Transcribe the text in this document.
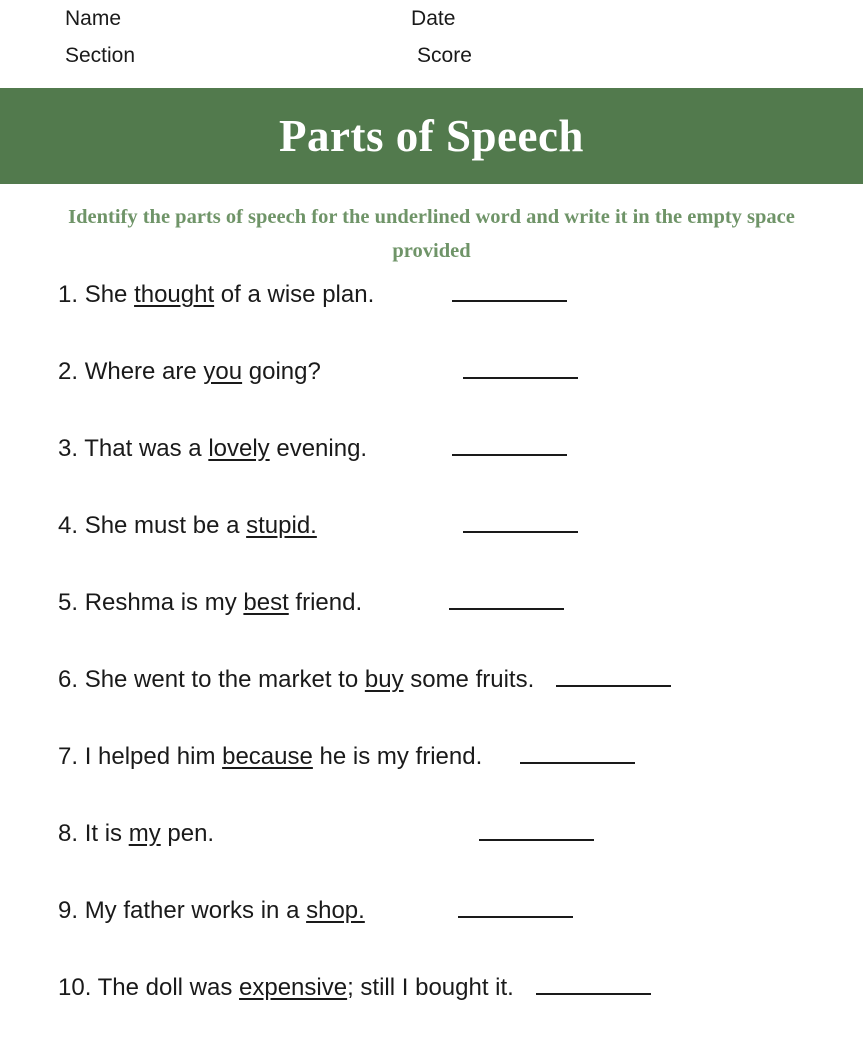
Name	Date
Section	Score
Parts of Speech
Identify the parts of speech for the underlined word and write it in the empty space provided
1. She thought of a wise plan.
2. Where are you going?
3. That was a lovely evening.
4. She must be a stupid.
5. Reshma is my best friend.
6. She went to the market to buy some fruits.
7. I helped him because he is my friend.
8. It is my pen.
9. My father works in a shop.
10. The doll was expensive; still I bought it.
